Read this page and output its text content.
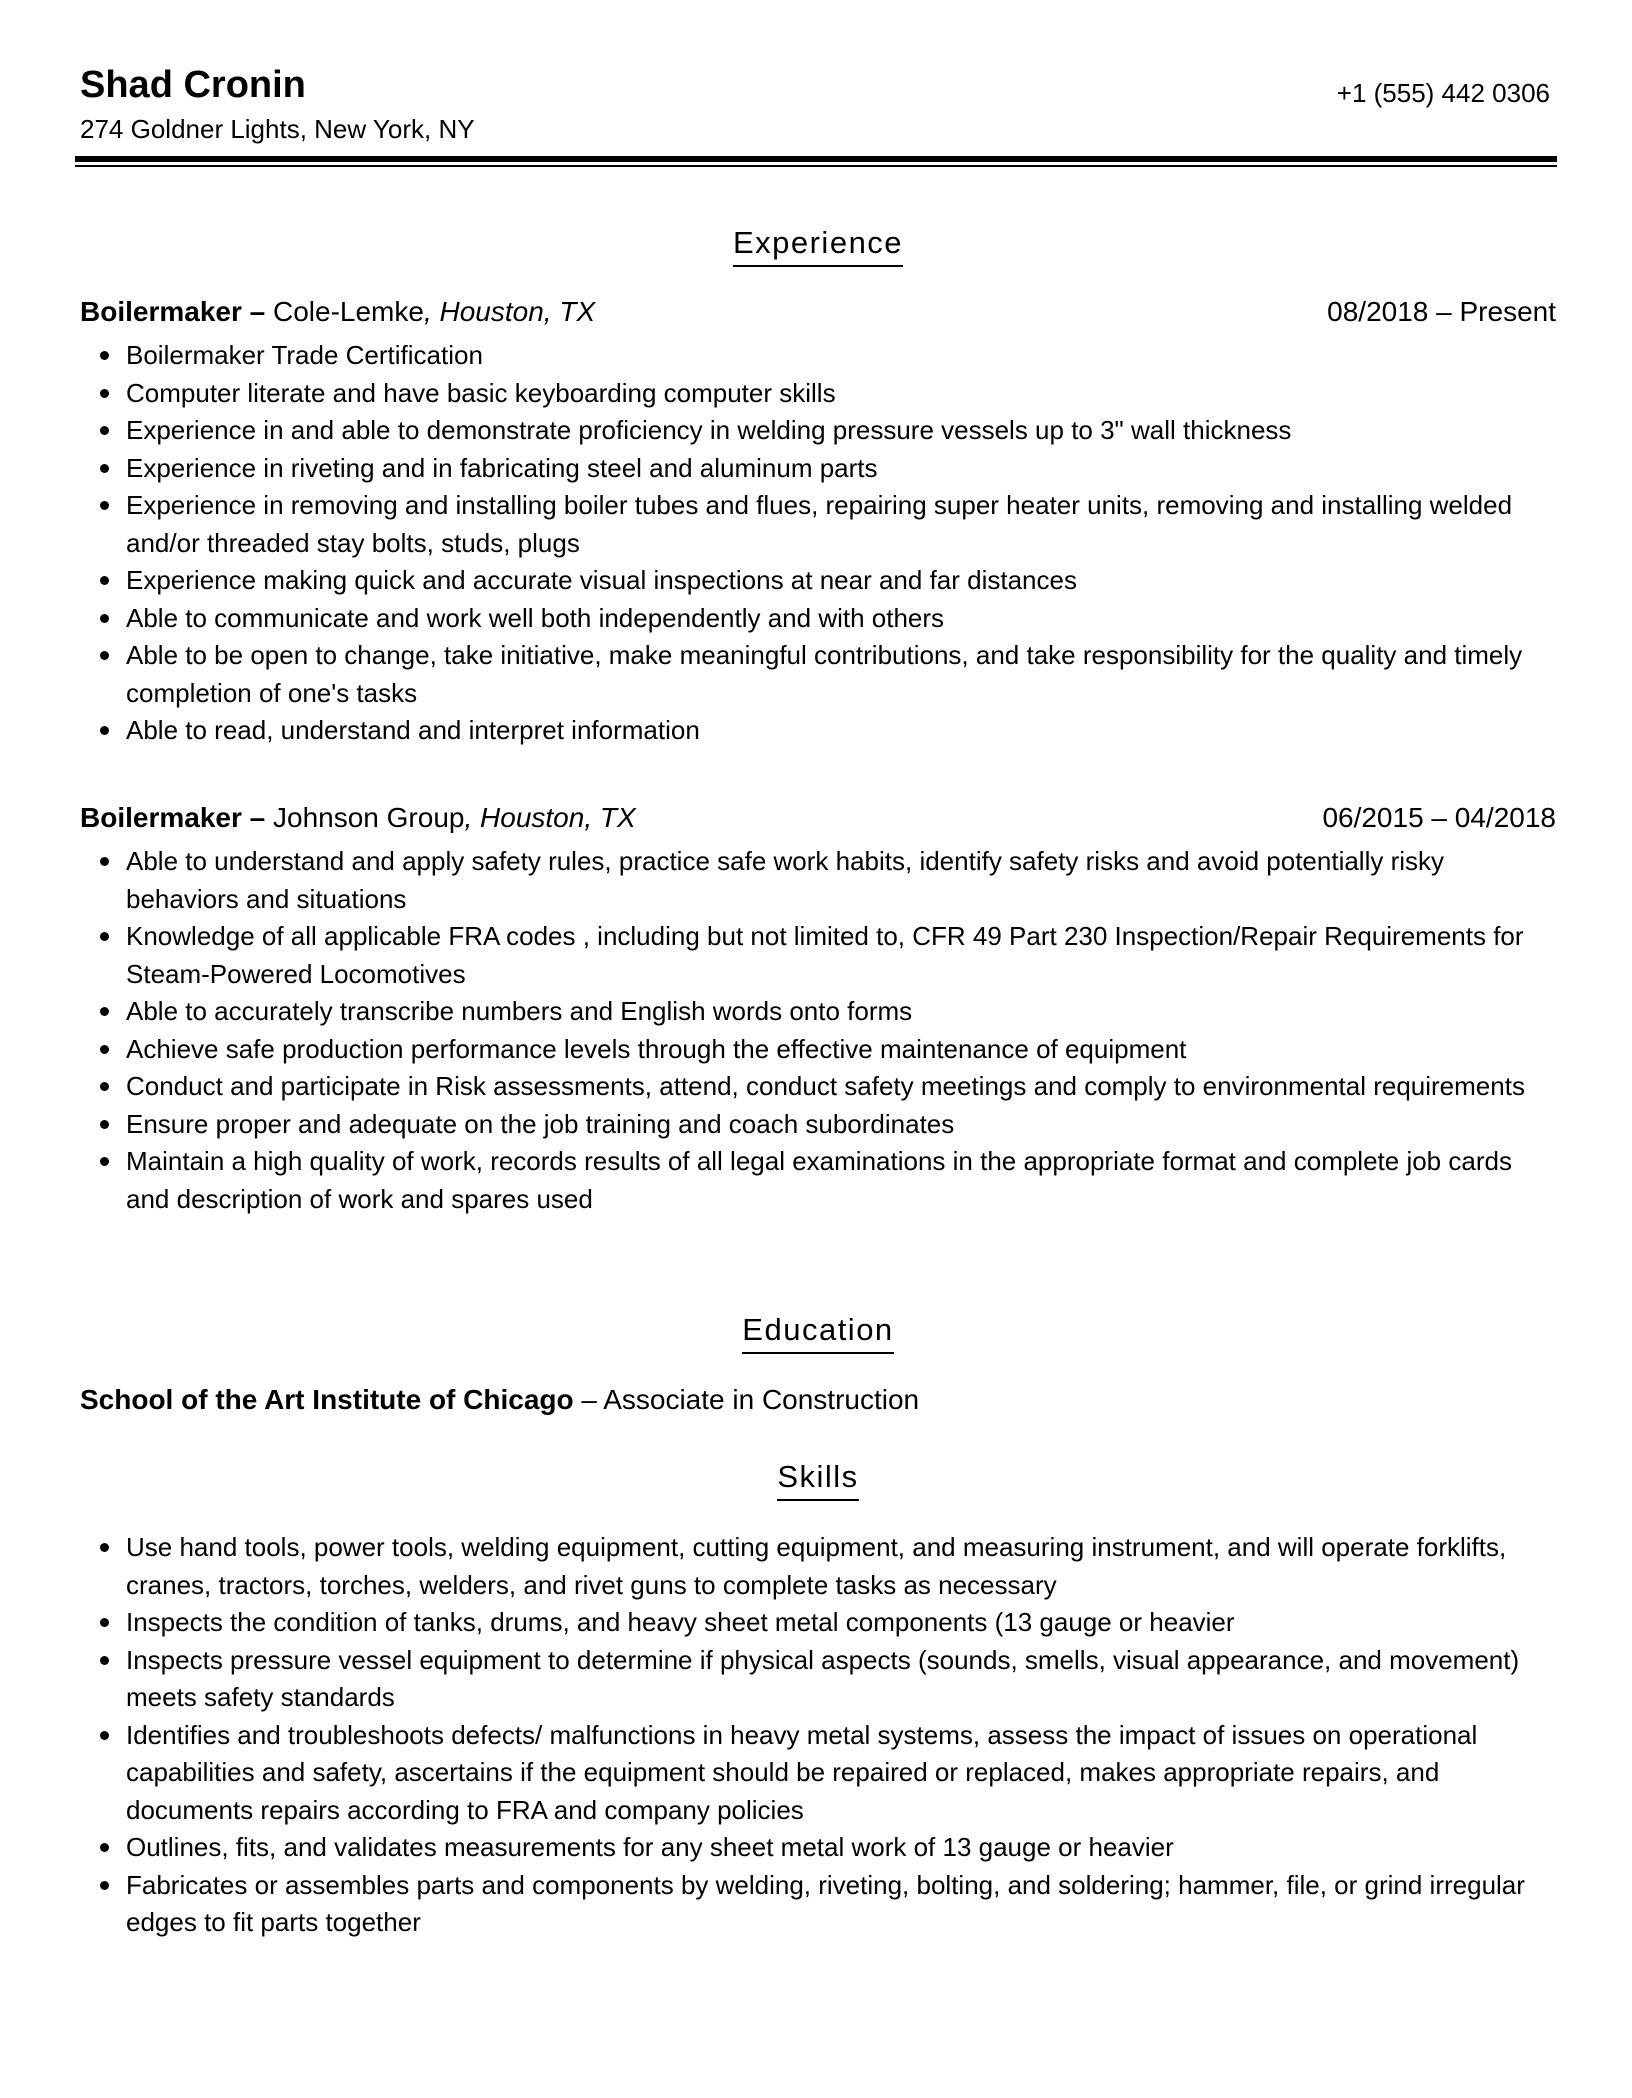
Shad Cronin
274 Goldner Lights, New York, NY
+1 (555) 442 0306
Experience
Boilermaker – Cole-Lemke, Houston, TX	08/2018 – Present
Boilermaker Trade Certification
Computer literate and have basic keyboarding computer skills
Experience in and able to demonstrate proficiency in welding pressure vessels up to 3" wall thickness
Experience in riveting and in fabricating steel and aluminum parts
Experience in removing and installing boiler tubes and flues, repairing super heater units, removing and installing welded and/or threaded stay bolts, studs, plugs
Experience making quick and accurate visual inspections at near and far distances
Able to communicate and work well both independently and with others
Able to be open to change, take initiative, make meaningful contributions, and take responsibility for the quality and timely completion of one's tasks
Able to read, understand and interpret information
Boilermaker – Johnson Group, Houston, TX	06/2015 – 04/2018
Able to understand and apply safety rules, practice safe work habits, identify safety risks and avoid potentially risky behaviors and situations
Knowledge of all applicable FRA codes , including but not limited to, CFR 49 Part 230 Inspection/Repair Requirements for Steam-Powered Locomotives
Able to accurately transcribe numbers and English words onto forms
Achieve safe production performance levels through the effective maintenance of equipment
Conduct and participate in Risk assessments, attend, conduct safety meetings and comply to environmental requirements
Ensure proper and adequate on the job training and coach subordinates
Maintain a high quality of work, records results of all legal examinations in the appropriate format and complete job cards and description of work and spares used
Education
School of the Art Institute of Chicago – Associate in Construction
Skills
Use hand tools, power tools, welding equipment, cutting equipment, and measuring instrument, and will operate forklifts, cranes, tractors, torches, welders, and rivet guns to complete tasks as necessary
Inspects the condition of tanks, drums, and heavy sheet metal components (13 gauge or heavier
Inspects pressure vessel equipment to determine if physical aspects (sounds, smells, visual appearance, and movement) meets safety standards
Identifies and troubleshoots defects/ malfunctions in heavy metal systems, assess the impact of issues on operational capabilities and safety, ascertains if the equipment should be repaired or replaced, makes appropriate repairs, and documents repairs according to FRA and company policies
Outlines, fits, and validates measurements for any sheet metal work of 13 gauge or heavier
Fabricates or assembles parts and components by welding, riveting, bolting, and soldering; hammer, file, or grind irregular edges to fit parts together
